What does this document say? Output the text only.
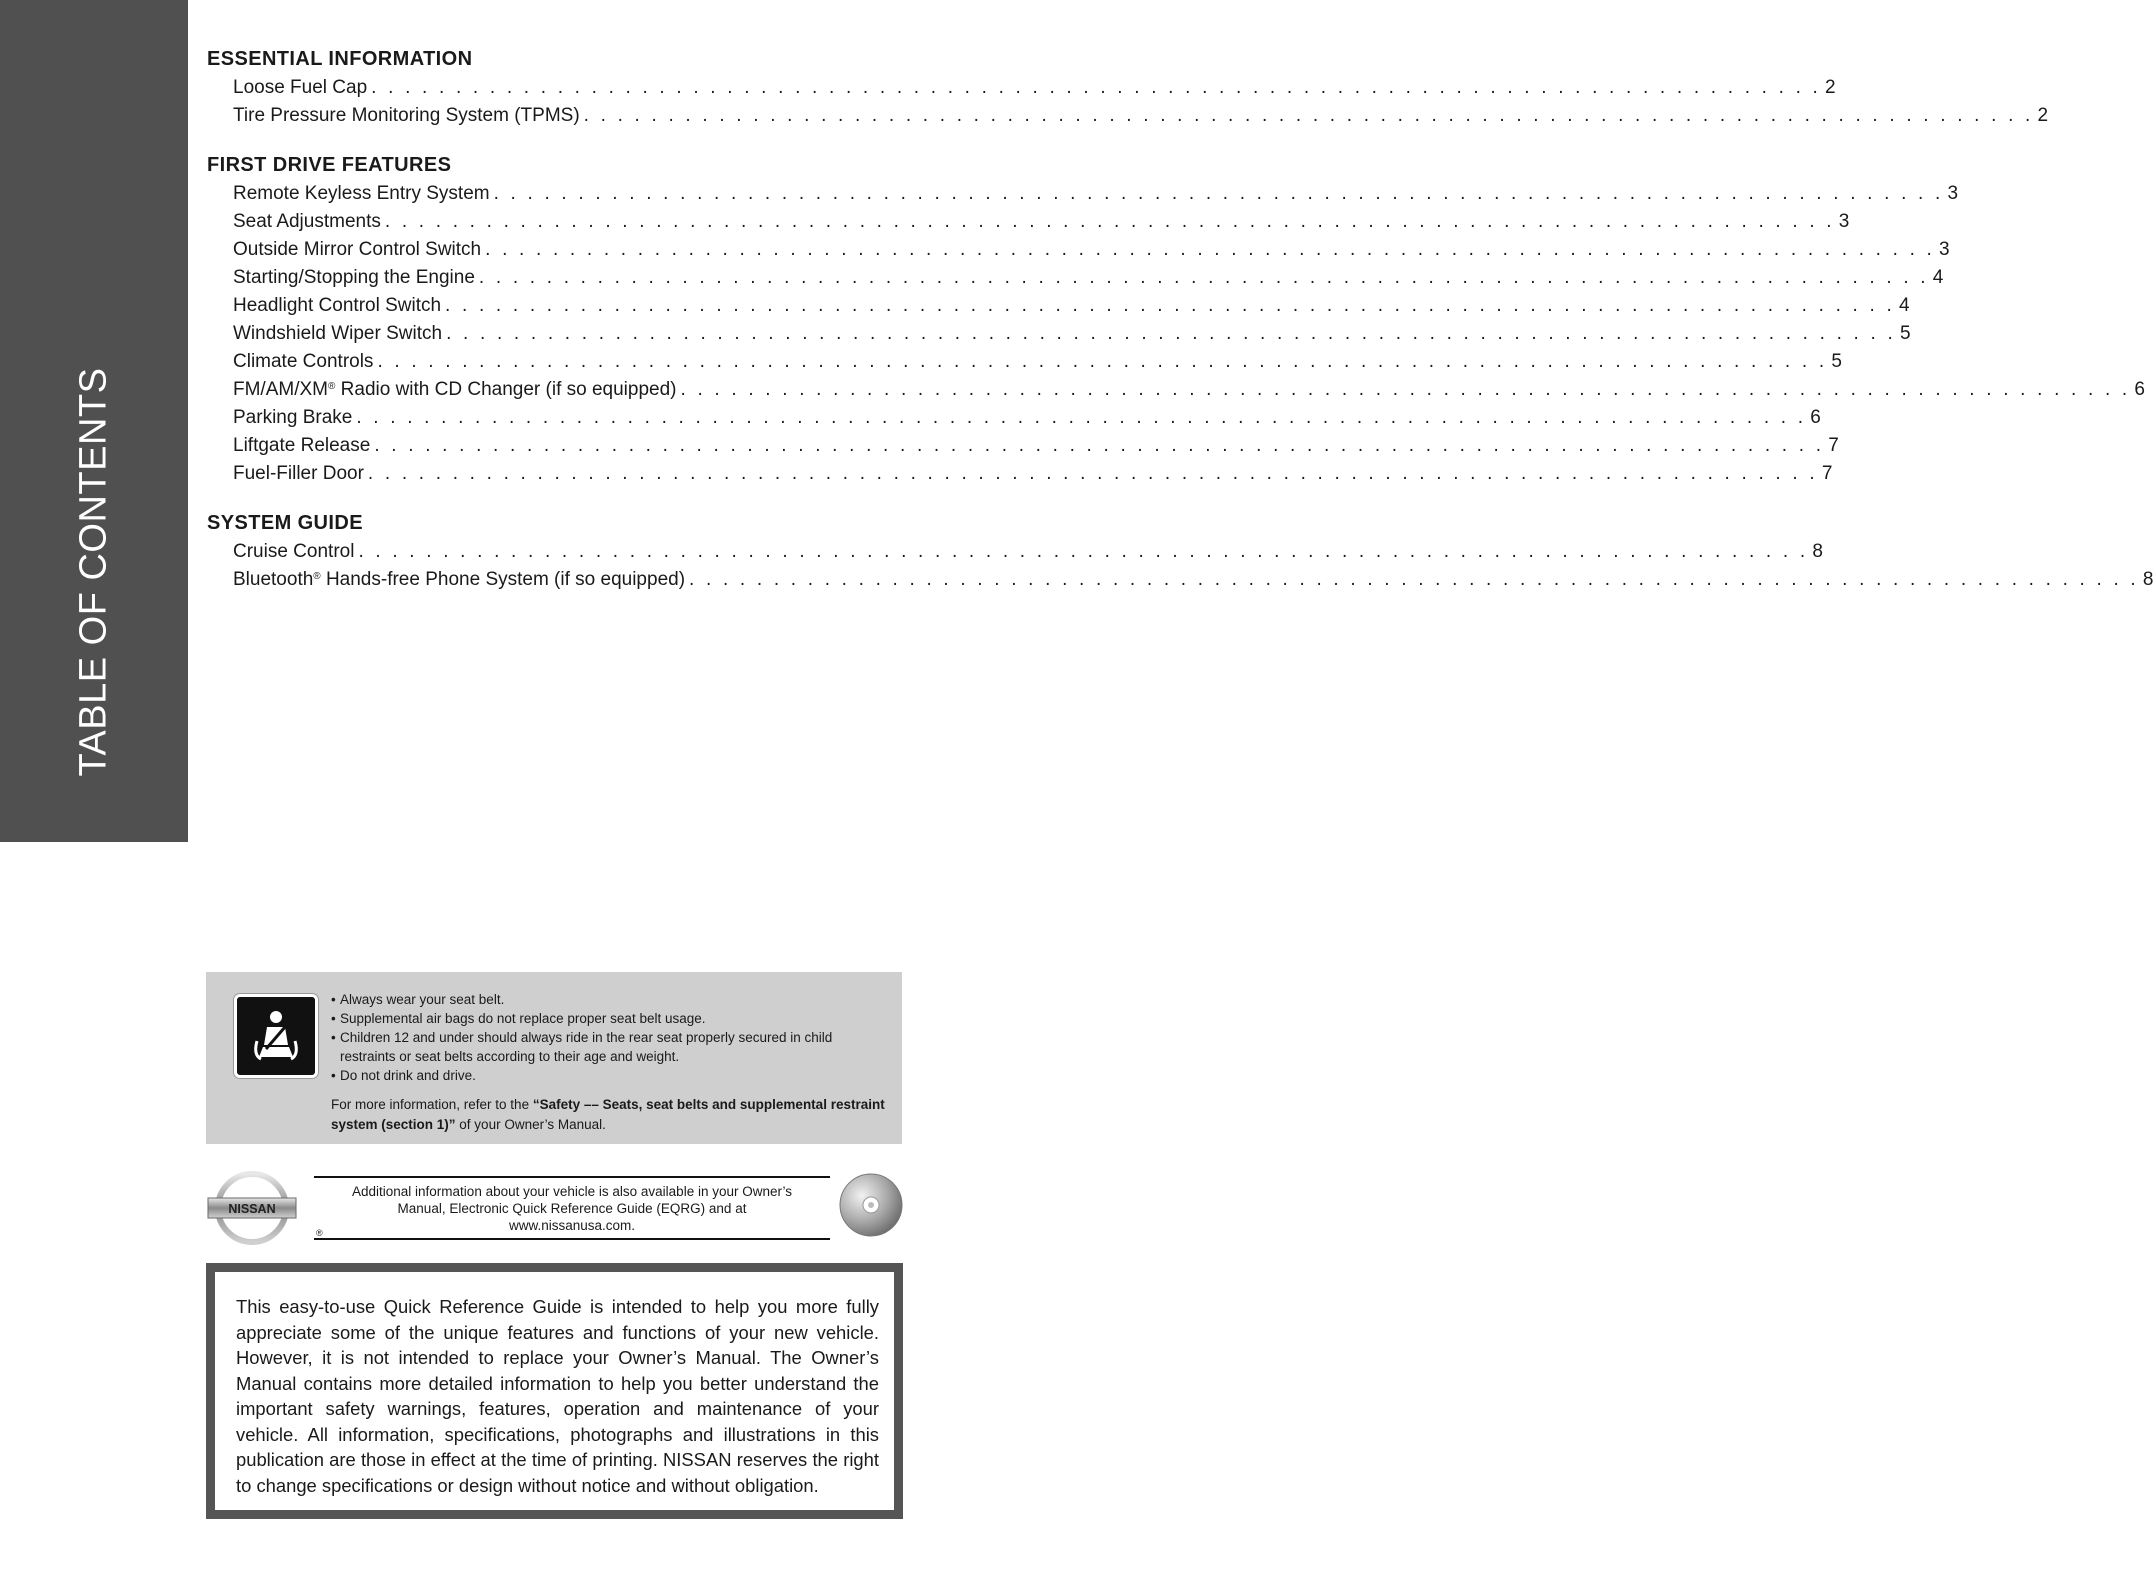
TABLE OF CONTENTS
ESSENTIAL INFORMATION
Loose Fuel Cap . . . . . . . . . . . . . . . . . . . . . . . . . . . . . . . . . . . . . . . . . . . . . . . . . . . . . . . . . . . . . . . . . . . . . . . . . . . . . . . . . . . . . . 2
Tire Pressure Monitoring System (TPMS) . . . . . . . . . . . . . . . . . . . . . . . . . . . . . . . . . . . . . . . . . . . . . . . . . . . . . . . . . . . . . . . . . . . . . . . . . . . . . . . . . . . . . . 2
FIRST DRIVE FEATURES
Remote Keyless Entry System . . . . . . . . . . . . . . . . . . . . . . . . . . . . . . . . . . . . . . . . . . . . . . . . . . . . . . . . . . . . . . . . . . . . . . . . . . . . . . . . . . . . . . 3
Seat Adjustments . . . . . . . . . . . . . . . . . . . . . . . . . . . . . . . . . . . . . . . . . . . . . . . . . . . . . . . . . . . . . . . . . . . . . . . . . . . . . . . . . . . . . . 3
Outside Mirror Control Switch . . . . . . . . . . . . . . . . . . . . . . . . . . . . . . . . . . . . . . . . . . . . . . . . . . . . . . . . . . . . . . . . . . . . . . . . . . . . . . . . . . . . . . 3
Starting/Stopping the Engine . . . . . . . . . . . . . . . . . . . . . . . . . . . . . . . . . . . . . . . . . . . . . . . . . . . . . . . . . . . . . . . . . . . . . . . . . . . . . . . . . . . . . . 4
Headlight Control Switch . . . . . . . . . . . . . . . . . . . . . . . . . . . . . . . . . . . . . . . . . . . . . . . . . . . . . . . . . . . . . . . . . . . . . . . . . . . . . . . . . . . . . . 4
Windshield Wiper Switch . . . . . . . . . . . . . . . . . . . . . . . . . . . . . . . . . . . . . . . . . . . . . . . . . . . . . . . . . . . . . . . . . . . . . . . . . . . . . . . . . . . . . . 5
Climate Controls . . . . . . . . . . . . . . . . . . . . . . . . . . . . . . . . . . . . . . . . . . . . . . . . . . . . . . . . . . . . . . . . . . . . . . . . . . . . . . . . . . . . . . 5
FM/AM/XM® Radio with CD Changer (if so equipped) . . . . . . . . . . . . . . . . . . . . . . . . . . . . . . . . . . . . . . . . . . . . . . . . . . . . . . . . . . . . . . . . . . . . . . . . . . . . . . . . . . . . . . 6
Parking Brake . . . . . . . . . . . . . . . . . . . . . . . . . . . . . . . . . . . . . . . . . . . . . . . . . . . . . . . . . . . . . . . . . . . . . . . . . . . . . . . . . . . . . . 6
Liftgate Release . . . . . . . . . . . . . . . . . . . . . . . . . . . . . . . . . . . . . . . . . . . . . . . . . . . . . . . . . . . . . . . . . . . . . . . . . . . . . . . . . . . . . . 7
Fuel-Filler Door . . . . . . . . . . . . . . . . . . . . . . . . . . . . . . . . . . . . . . . . . . . . . . . . . . . . . . . . . . . . . . . . . . . . . . . . . . . . . . . . . . . . . . 7
SYSTEM GUIDE
Cruise Control . . . . . . . . . . . . . . . . . . . . . . . . . . . . . . . . . . . . . . . . . . . . . . . . . . . . . . . . . . . . . . . . . . . . . . . . . . . . . . . . . . . . . . 8
Bluetooth® Hands-free Phone System (if so equipped) . . . . . . . . . . . . . . . . . . . . . . . . . . . . . . . . . . . . . . . . . . . . . . . . . . . . . . . . . . . . . . . . . . . . . . . . . . . . . . . . . . . . . . 8
• Always wear your seat belt.
• Supplemental air bags do not replace proper seat belt usage.
• Children 12 and under should always ride in the rear seat properly secured in child restraints or seat belts according to their age and weight.
• Do not drink and drive.
For more information, refer to the “Safety –– Seats, seat belts and supplemental restraint system (section 1)” of your Owner’s Manual.
NISSAN
®
Additional information about your vehicle is also available in your Owner’s Manual, Electronic Quick Reference Guide (EQRG) and at www.nissanusa.com.

This easy-to-use Quick Reference Guide is intended to help you more fully appreciate some of the unique features and functions of your new vehicle. However, it is not intended to replace your Owner’s Manual. The Owner’s Manual contains more detailed information to help you better understand the important safety warnings, features, operation and maintenance of your vehicle. All information, specifications, photographs and illustrations in this publication are those in effect at the time of printing. NISSAN reserves the right to change specifications or design without notice and without obligation.
